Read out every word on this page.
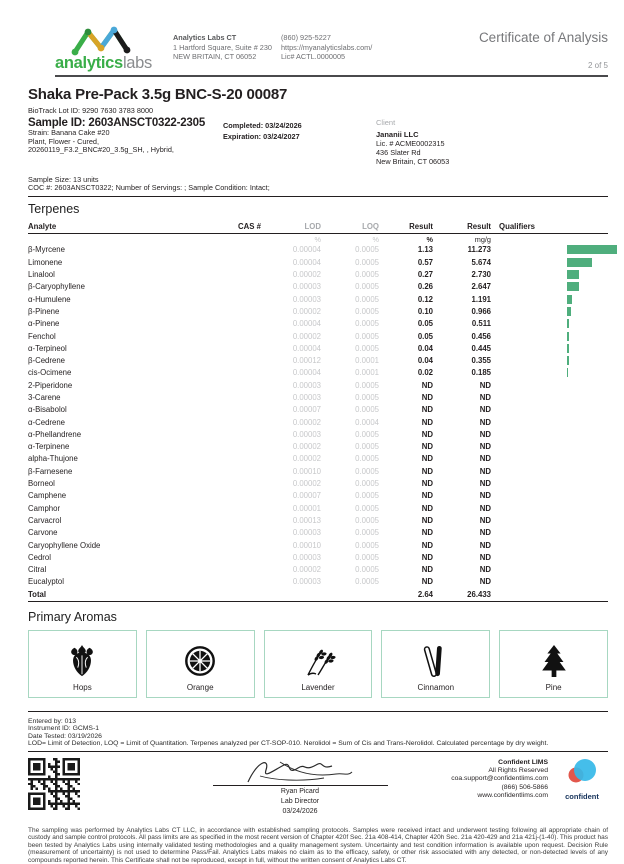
analyticslabs
Analytics Labs CT
1 Hartford Square, Suite # 230
NEW BRITAIN, CT 06052
(860) 925-5227
https://myanalyticslabs.com/
Lic# ACTL.0000005
Certificate of Analysis
2 of 5
Shaka Pre-Pack 3.5g BNC-S-20 00087
BioTrack Lot ID: 9290 7630 3783 8000
Sample ID: 2603ANSCT0322-2305
Strain: Banana Cake #20
Plant, Flower - Cured,
20260119_F3.2_BNC#20_3.5g_SH, , Hybrid,
Completed: 03/24/2026
Expiration: 03/24/2027
Client
Jananii LLC
Lic. # ACME0002315
436 Slater Rd
New Britain, CT 06053
Sample Size: 13 units
COC #: 2603ANSCT0322; Number of Servings: ; Sample Condition: Intact;
Terpenes
Analyte	CAS #	LOD	LOQ	Result	Result	Qualifiers	
		%	%	%	mg/g		
β-Myrcene		0.00004	0.0005	1.13	11.273		

Limonene		0.00004	0.0005	0.57	5.674		

Linalool		0.00002	0.0005	0.27	2.730		

β-Caryophyllene		0.00003	0.0005	0.26	2.647		

α-Humulene		0.00003	0.0005	0.12	1.191		

β-Pinene		0.00002	0.0005	0.10	0.966		

α-Pinene		0.00004	0.0005	0.05	0.511		

Fenchol		0.00002	0.0005	0.05	0.456		

α-Terpineol		0.00004	0.0005	0.04	0.445		

β-Cedrene		0.00012	0.0001	0.04	0.355		

cis-Ocimene		0.00004	0.0001	0.02	0.185		

2-Piperidone		0.00003	0.0005	ND	ND		
3-Carene		0.00003	0.0005	ND	ND		
α-Bisabolol		0.00007	0.0005	ND	ND		
α-Cedrene		0.00002	0.0004	ND	ND		
α-Phellandrene		0.00003	0.0005	ND	ND		
α-Terpinene		0.00002	0.0005	ND	ND		
alpha-Thujone		0.00002	0.0005	ND	ND		
β-Farnesene		0.00010	0.0005	ND	ND		
Borneol		0.00002	0.0005	ND	ND		
Camphene		0.00007	0.0005	ND	ND		
Camphor		0.00001	0.0005	ND	ND		
Carvacrol		0.00013	0.0005	ND	ND		
Carvone		0.00003	0.0005	ND	ND		
Caryophyllene Oxide		0.00010	0.0005	ND	ND		
Cedrol		0.00003	0.0005	ND	ND		
Citral		0.00002	0.0005	ND	ND		
Eucalyptol		0.00003	0.0005	ND	ND		
Total				2.64	26.433		
Primary Aromas
Hops	Orange	Lavender	Cinnamon	Pine
Entered by: 013
Instrument ID: GCMS-1
Date Tested: 03/19/2026
LOD= Limit of Detection, LOQ = Limit of Quantitation. Terpenes analyzed per CT-SOP-010. Nerolidol = Sum of Cis and Trans-Nerolidol. Calculated percentage by dry weight.
Ryan Picard
Lab Director
03/24/2026
Confident LIMS
All Rights Reserved
coa.support@confidentlims.com
(866) 506-5866
www.confidentlims.com	confident
The sampling was performed by Analytics Labs CT LLC, in accordance with established sampling protocols. Samples were received intact and underwent testing following all appropriate chain of custody and sample control protocols. All pass limits are as specified in the most recent version of Chapter 420f Sec. 21a 408-414, Chapter 420h Sec. 21a 420-429 and 21a 421j-(1-40). This product has been tested by Analytics Labs using internally validated testing methodologies and a quality management system. Uncertainty and test condition information is available upon request. Decision Rule (measurement of uncertainty) is not used to determine Pass/Fail. Analytics Labs makes no claim as to the efficacy, safety, or other risk associated with any detected, or non-detected levels of any compounds reported herein. This Certificate shall not be reproduced, except in full, without the written consent of Analytics Labs CT.
